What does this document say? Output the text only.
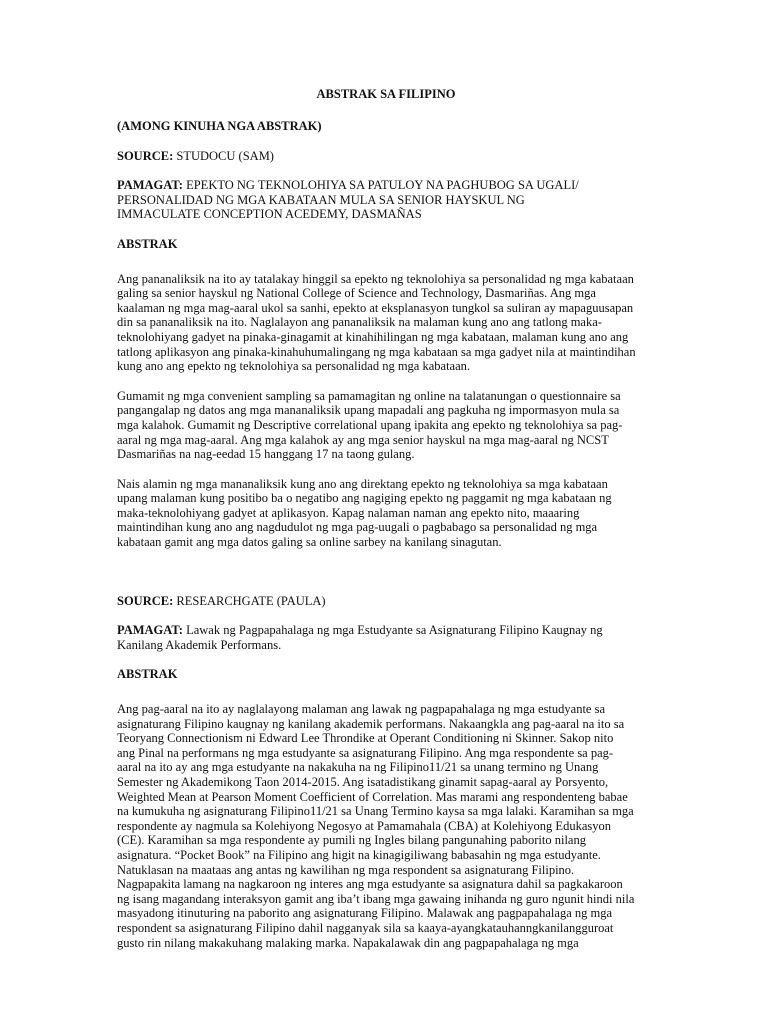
ABSTRAK SA FILIPINO

(AMONG KINUHA NGA ABSTRAK)

SOURCE: STUDOCU (SAM)

PAMAGAT: EPEKTO NG TEKNOLOHIYA SA PATULOY NA PAGHUBOG SA UGALI/
PERSONALIDAD NG MGA KABATAAN MULA SA SENIOR HAYSKUL NG
IMMACULATE CONCEPTION ACEDEMY, DASMAÑAS

ABSTRAK

Ang pananaliksik na ito ay tatalakay hinggil sa epekto ng teknolohiya sa personalidad ng mga kabataan
galing sa senior hayskul ng National College of Science and Technology, Dasmariñas. Ang mga
kaalaman ng mga mag-aaral ukol sa sanhi, epekto at eksplanasyon tungkol sa suliran ay mapaguusapan
din sa pananaliksik na ito. Naglalayon ang pananaliksik na malaman kung ano ang tatlong maka-
teknolohiyang gadyet na pinaka-ginagamit at kinahihilingan ng mga kabataan, malaman kung ano ang
tatlong aplikasyon ang pinaka-kinahuhumalingang ng mga kabataan sa mga gadyet nila at maintindihan
kung ano ang epekto ng teknolohiya sa personalidad ng mga kabataan.
Gumamit ng mga convenient sampling sa pamamagitan ng online na talatanungan o questionnaire sa
pangangalap ng datos ang mga mananaliksik upang mapadali ang pagkuha ng impormasyon mula sa
mga kalahok. Gumamit ng Descriptive correlational upang ipakita ang epekto ng teknolohiya sa pag-
aaral ng mga mag-aaral. Ang mga kalahok ay ang mga senior hayskul na mga mag-aaral ng NCST
Dasmariñas na nag-eedad 15 hanggang 17 na taong gulang.
Nais alamin ng mga mananaliksik kung ano ang direktang epekto ng teknolohiya sa mga kabataan
upang malaman kung positibo ba o negatibo ang nagiging epekto ng paggamit ng mga kabataan ng
maka-teknolohiyang gadyet at aplikasyon. Kapag nalaman naman ang epekto nito, maaaring
maintindihan kung ano ang nagdudulot ng mga pag-uugali o pagbabago sa personalidad ng mga
kabataan gamit ang mga datos galing sa online sarbey na kanilang sinagutan.

SOURCE: RESEARCHGATE (PAULA)

PAMAGAT: Lawak ng Pagpapahalaga ng mga Estudyante sa Asignaturang Filipino Kaugnay ng
Kanilang Akademik Performans.

ABSTRAK

Ang pag-aaral na ito ay naglalayong malaman ang lawak ng pagpapahalaga ng mga estudyante sa
asignaturang Filipino kaugnay ng kanilang akademik performans. Nakaangkla ang pag-aaral na ito sa
Teoryang Connectionism ni Edward Lee Throndike at Operant Conditioning ni Skinner. Sakop nito
ang Pinal na performans ng mga estudyante sa asignaturang Filipino. Ang mga respondente sa pag-
aaral na ito ay ang mga estudyante na nakakuha na ng Filipino11/21 sa unang termino ng Unang
Semester ng Akademikong Taon 2014-2015. Ang isatadistikang ginamit sapag-aaral ay Porsyento,
Weighted Mean at Pearson Moment Coefficient of Correlation. Mas marami ang respondenteng babae
na kumukuha ng asignaturang Filipino11/21 sa Unang Termino kaysa sa mga lalaki. Karamihan sa mga
respondente ay nagmula sa Kolehiyong Negosyo at Pamamahala (CBA) at Kolehiyong Edukasyon
(CE). Karamihan sa mga respondente ay pumili ng Ingles bilang pangunahing paborito nilang
asignatura. “Pocket Book” na Filipino ang higit na kinagigiliwang babasahin ng mga estudyante.
Natuklasan na maataas ang antas ng kawilihan ng mga respondent sa asignaturang Filipino.
Nagpapakita lamang na nagkaroon ng interes ang mga estudyante sa asignatura dahil sa pagkakaroon
ng isang magandang interaksyon gamit ang iba’t ibang mga gawaing inihanda ng guro ngunit hindi nila
masyadong itinuturing na paborito ang asignaturang Filipino. Malawak ang pagpapahalaga ng mga
respondent sa asignaturang Filipino dahil nagganyak sila sa kaaya-ayangkatauhanngkanilangguroat
gusto rin nilang makakuhang malaking marka. Napakalawak din ang pagpapahalaga ng mga
